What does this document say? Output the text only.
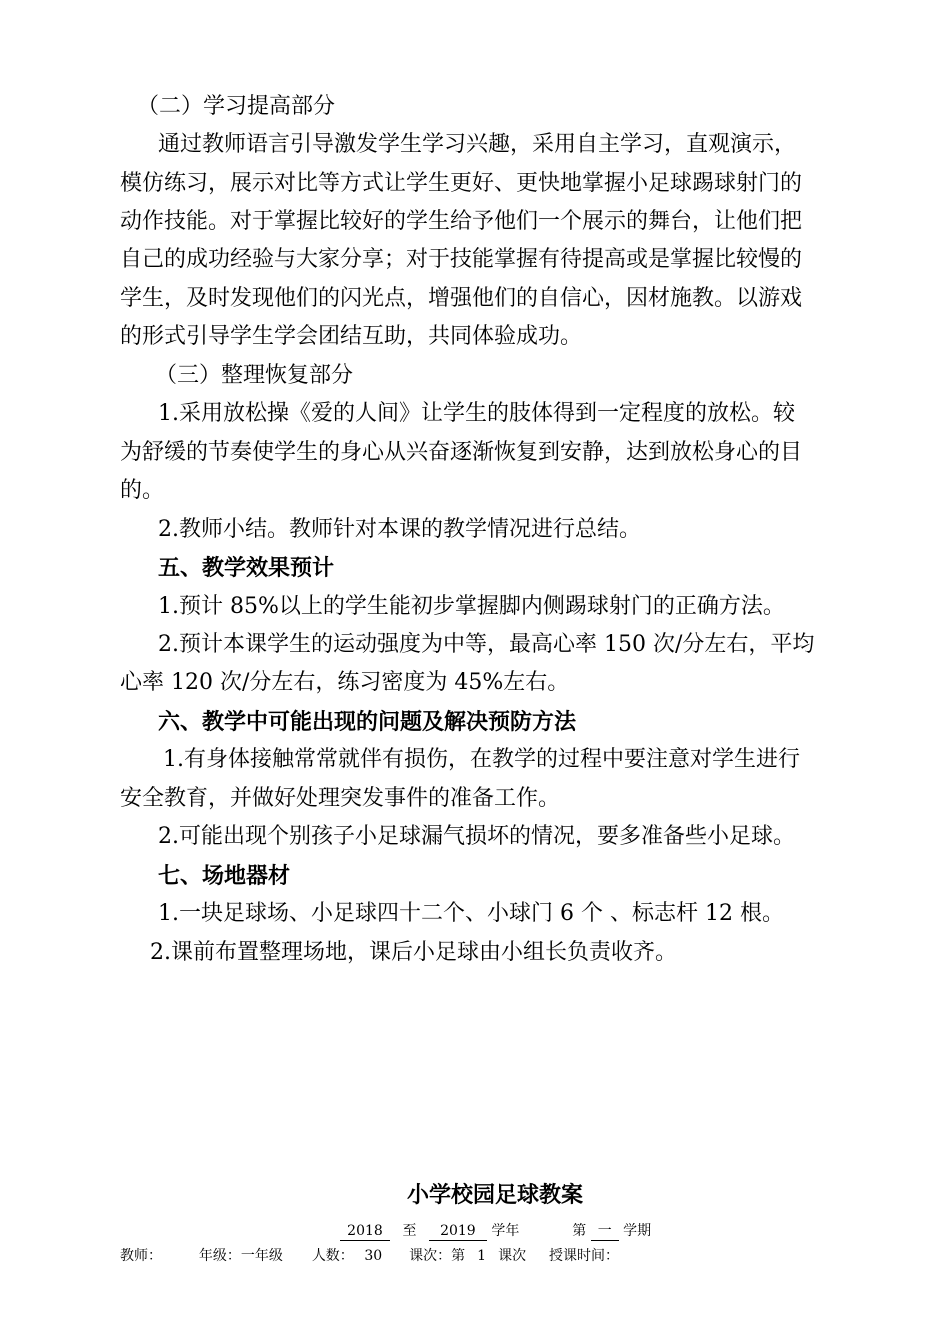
（二）学习提高部分
通过教师语言引导激发学生学习兴趣，采用自主学习，直观演示，
模仿练习，展示对比等方式让学生更好、更快地掌握小足球踢球射门的
动作技能。对于掌握比较好的学生给予他们一个展示的舞台，让他们把
自己的成功经验与大家分享；对于技能掌握有待提高或是掌握比较慢的
学生，及时发现他们的闪光点，增强他们的自信心，因材施教。以游戏
的形式引导学生学会团结互助，共同体验成功。
（三）整理恢复部分
1.采用放松操《爱的人间》让学生的肢体得到一定程度的放松。较
为舒缓的节奏使学生的身心从兴奋逐渐恢复到安静，达到放松身心的目
的。
2.教师小结。教师针对本课的教学情况进行总结。
五、教学效果预计
1.预计 85%以上的学生能初步掌握脚内侧踢球射门的正确方法。
2.预计本课学生的运动强度为中等，最高心率 150 次/分左右，平均
心率 120 次/分左右，练习密度为 45%左右。
六、教学中可能出现的问题及解决预防方法
1.有身体接触常常就伴有损伤，在教学的过程中要注意对学生进行
安全教育，并做好处理突发事件的准备工作。
2.可能出现个别孩子小足球漏气损坏的情况，要多准备些小足球。
七、场地器材
1.一块足球场、小足球四十二个、小球门 6 个 、标志杆 12 根。
2.课前布置整理场地，课后小足球由小组长负责收齐。
小学校园足球教案
2018 至 2019 学年	第 一 学期
教师：	年级：一年级 人数： 30 课次：第 1 课次 授课时间：
